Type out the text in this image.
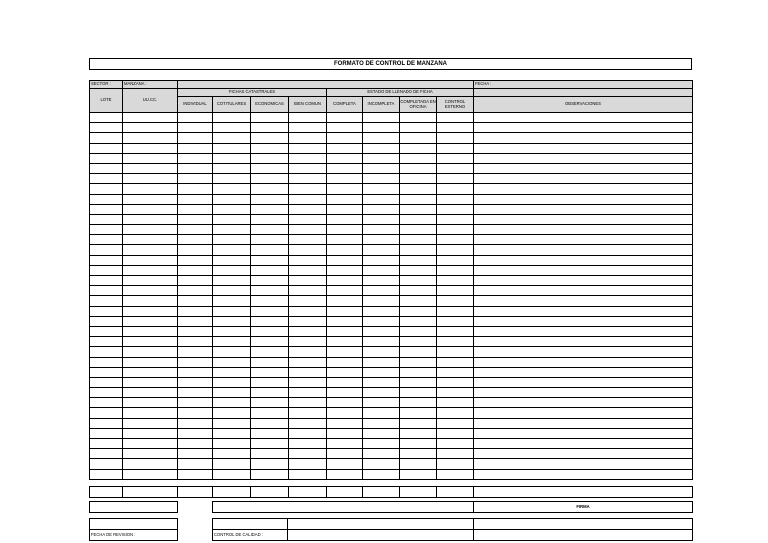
FORMATO DE CONTROL DE MANZANA
SECTOR :	MANZANA :									FECHA :
LOTE	UU.CC.	FICHAS CATASTRALES				ESTADO DE LLENADO DE FICHA				
		INDIVIDUAL	COTITULARES	ECONOMICAS	BIEN COMUN	COMPLETA	INCOMPLETA	COMPLETADA EN OFICINA	CONTROL EXTERNO	OBSERVACIONES

				FIRMA

FECHA DE REVISION :		CONTROL DE CALIDAD :		
